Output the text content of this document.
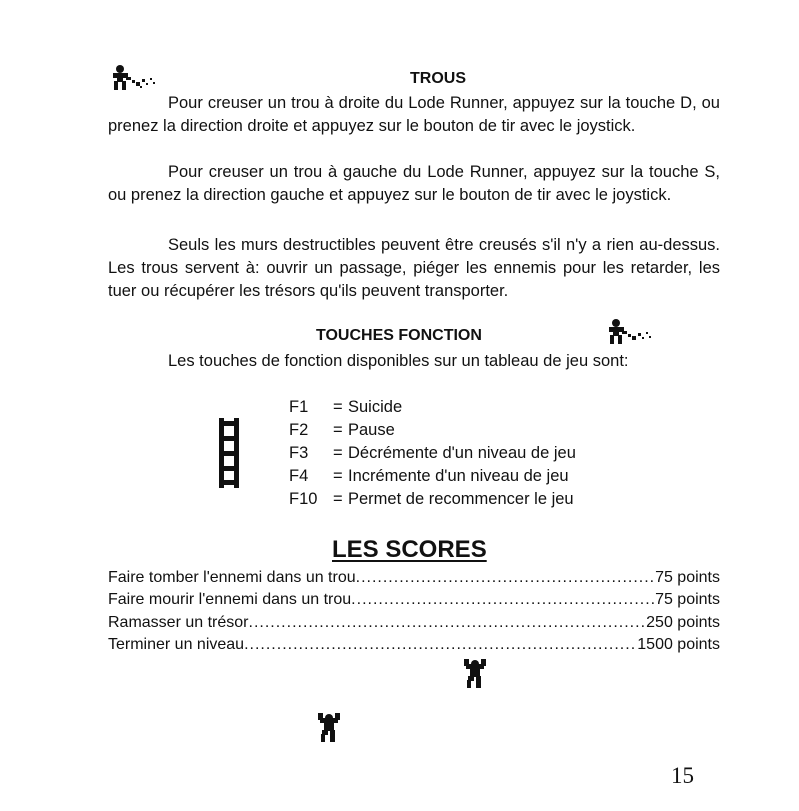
TROUS

Pour creuser un trou à droite du Lode Runner, appuyez sur la touche D, ou prenez la direction droite et appuyez sur le bouton de tir avec le joystick.

Pour creuser un trou à gauche du Lode Runner, appuyez sur la touche S, ou prenez la direction gauche et appuyez sur le bouton de tir avec le joystick.

Seuls les murs destructibles peuvent être creusés s'il n'y a rien au-dessus. Les trous servent à: ouvrir un passage, piéger les ennemis pour les retarder, les tuer ou récupérer les trésors qu'ils peuvent transporter.

TOUCHES FONCTION
Les touches de fonction disponibles sur un tableau de jeu sont:
F1 = Suicide
F2 = Pause
F3 = Décrémente d'un niveau de jeu
F4 = Incrémente d'un niveau de jeu
F10 = Permet de recommencer le jeu
LES SCORES
Faire tomber l'ennemi dans un trou .....	75 points
Faire mourir l'ennemi dans un trou .....	75 points
Ramasser un trésor .....	250 points
Terminer un niveau .....	1500 points
15
